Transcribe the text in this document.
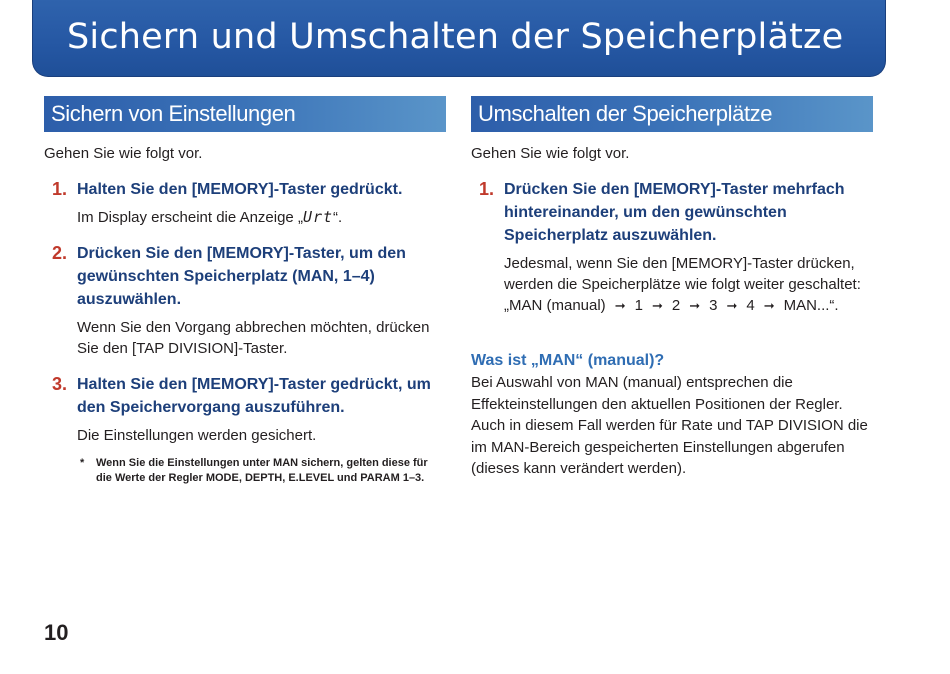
Sichern und Umschalten der Speicherplätze
Sichern von Einstellungen

Gehen Sie wie folgt vor.

1. Halten Sie den [MEMORY]-Taster gedrückt.
Im Display erscheint die Anzeige „Urt“.
2. Drücken Sie den [MEMORY]-Taster, um den gewünschten Speicherplatz (MAN, 1–4) auszuwählen.
Wenn Sie den Vorgang abbrechen möchten, drücken Sie den [TAP DIVISION]-Taster.
3. Halten Sie den [MEMORY]-Taster gedrückt, um den Speichervorgang auszuführen.
Die Einstellungen werden gesichert.
* Wenn Sie die Einstellungen unter MAN sichern, gelten diese für die Werte der Regler MODE, DEPTH, E.LEVEL und PARAM 1–3.
Umschalten der Speicherplätze

Gehen Sie wie folgt vor.

1. Drücken Sie den [MEMORY]-Taster mehrfach hintereinander, um den gewünschten Speicherplatz auszuwählen.
Jedesmal, wenn Sie den [MEMORY]-Taster drücken, werden die Speicherplätze wie folgt weiter geschaltet:
„MAN (manual) ➞ 1 ➞ 2 ➞ 3 ➞ 4 ➞ MAN...“.
Was ist „MAN“ (manual)?

Bei Auswahl von MAN (manual) entsprechen die Effekteinstellungen den aktuellen Positionen der Regler. Auch in diesem Fall werden für Rate und TAP DIVISION die im MAN-Bereich gespeicherten Einstellungen abgerufen (dieses kann verändert werden).

10
